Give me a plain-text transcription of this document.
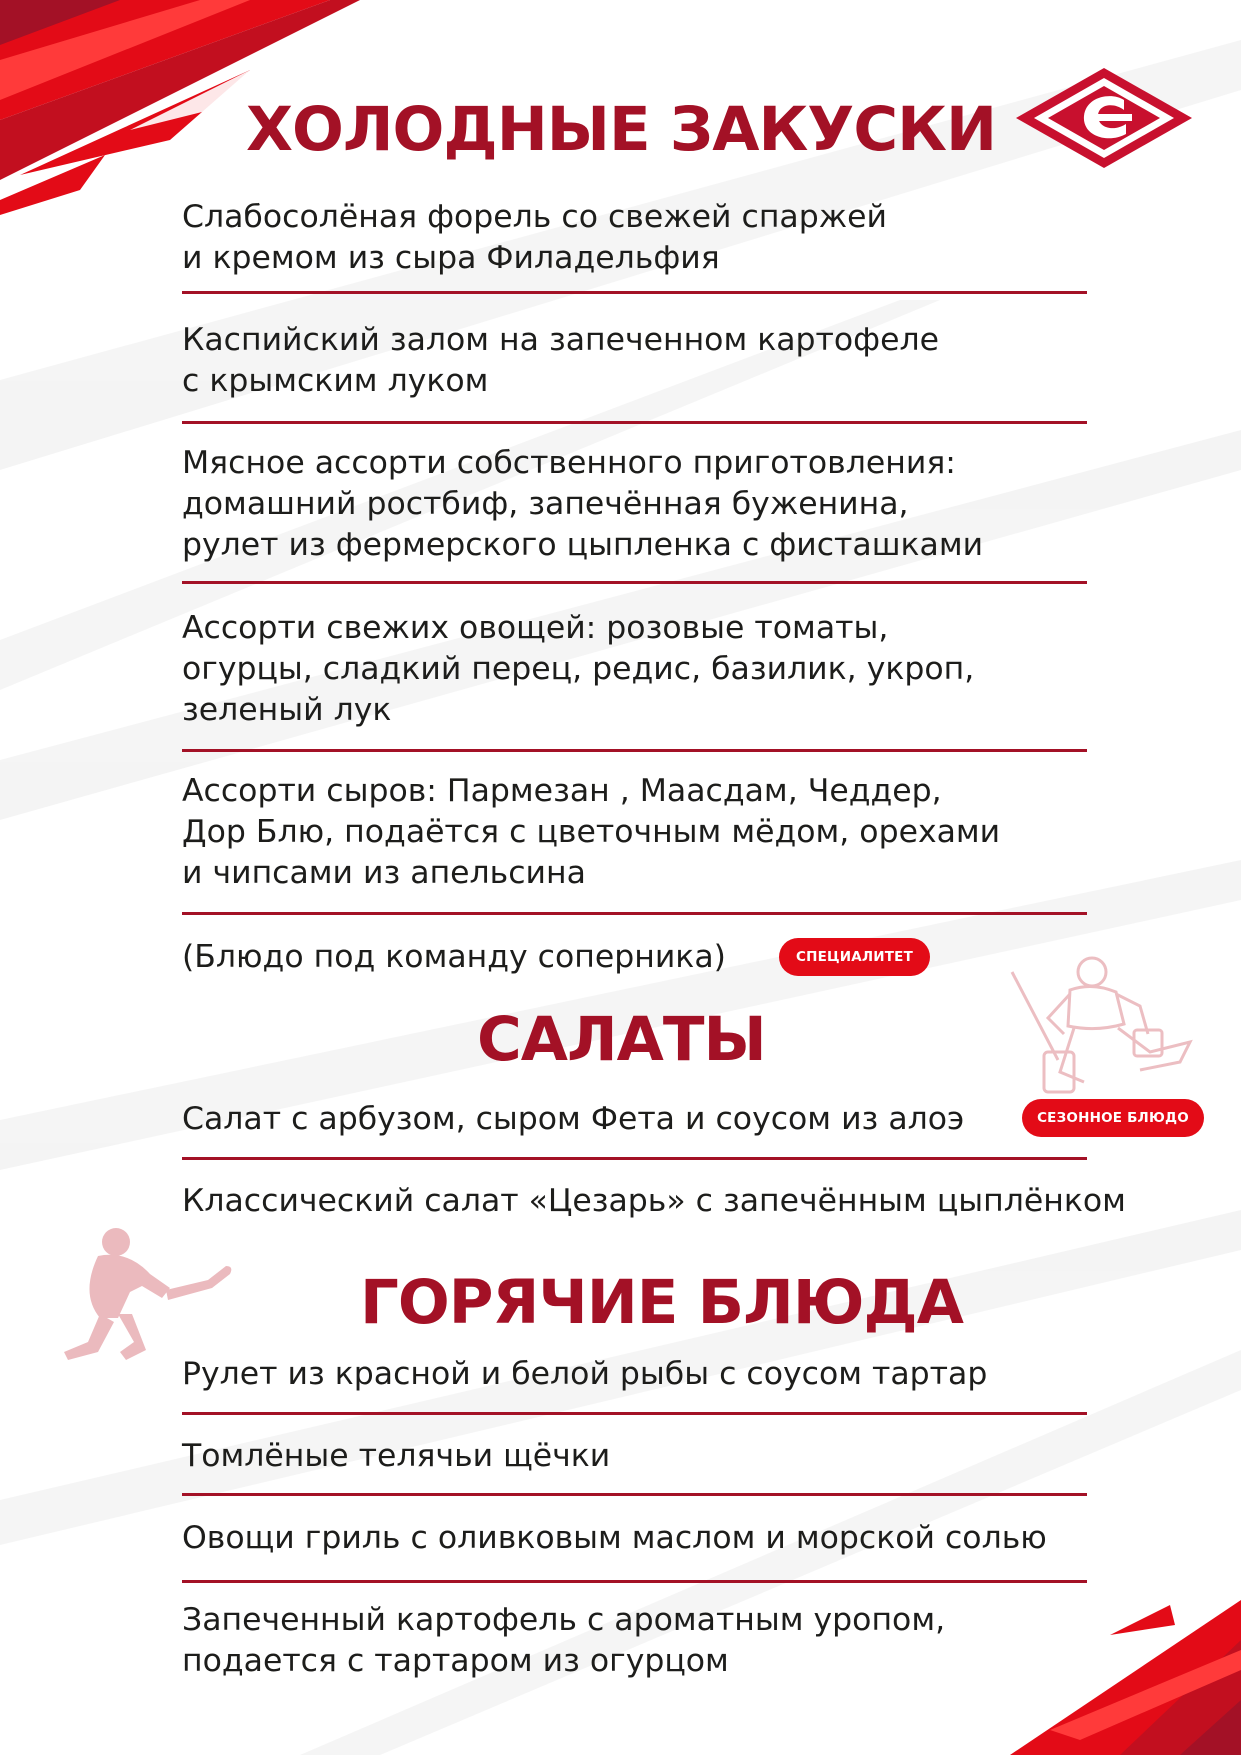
ХОЛОДНЫЕ ЗАКУСКИ
Слабосолёная форель со свежей спаржей
и кремом из сыра Филадельфия
Каспийский залом на запеченном картофеле
с крымским луком
Мясное ассорти собственного приготовления:
домашний ростбиф, запечённая буженина,
рулет из фермерского цыпленка с фисташками
Ассорти свежих овощей: розовые томаты,
огурцы, сладкий перец, редис, базилик, укроп,
зеленый лук
Ассорти сыров: Пармезан , Маасдам, Чеддер,
Дор Блю, подаётся с цветочным мёдом, орехами
и чипсами из апельсина
(Блюдо под команду соперника)	СПЕЦИАЛИТЕТ
САЛАТЫ
Салат с арбузом, сыром Фета и соусом из алоэ	СЕЗОННОЕ БЛЮДО
Классический салат «Цезарь» с запечённым цыплёнком
ГОРЯЧИЕ БЛЮДА
Рулет из красной и белой рыбы с соусом тартар
Томлёные телячьи щёчки
Овощи гриль с оливковым маслом и морской солью
Запеченный картофель с ароматным уропом,
подается с тартаром из огурцом
